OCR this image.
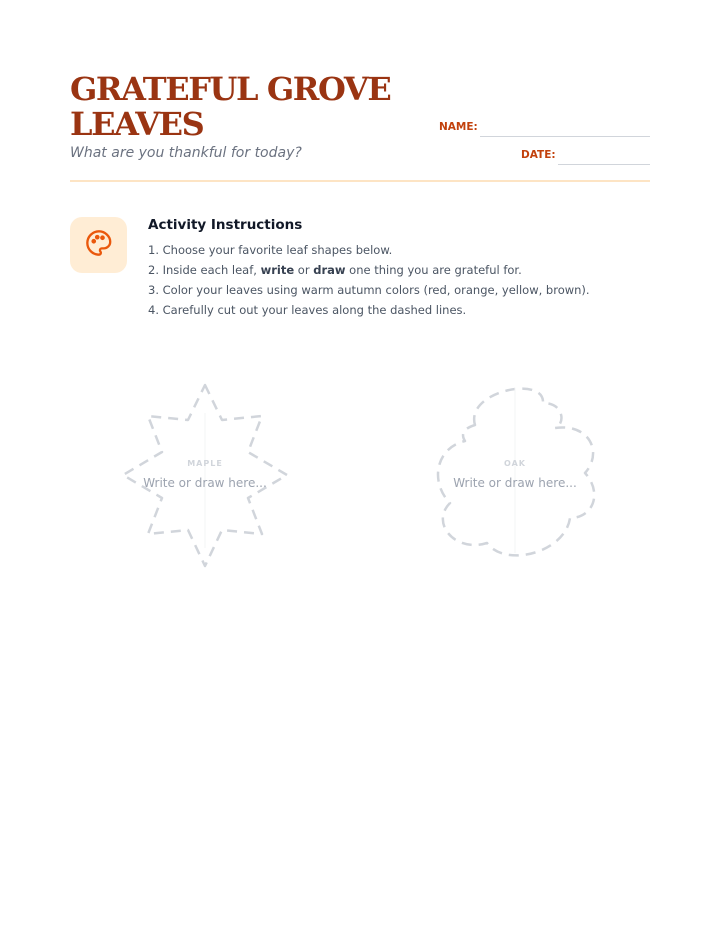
GRATEFUL GROVE LEAVES

What are you thankful for today?

NAME:
DATE:
Activity Instructions
1. Choose your favorite leaf shapes below.
2. Inside each leaf, write or draw one thing you are grateful for.
3. Color your leaves using warm autumn colors (red, orange, yellow, brown).
4. Carefully cut out your leaves along the dashed lines.
MAPLE
Write or draw here...
OAK
Write or draw here...
